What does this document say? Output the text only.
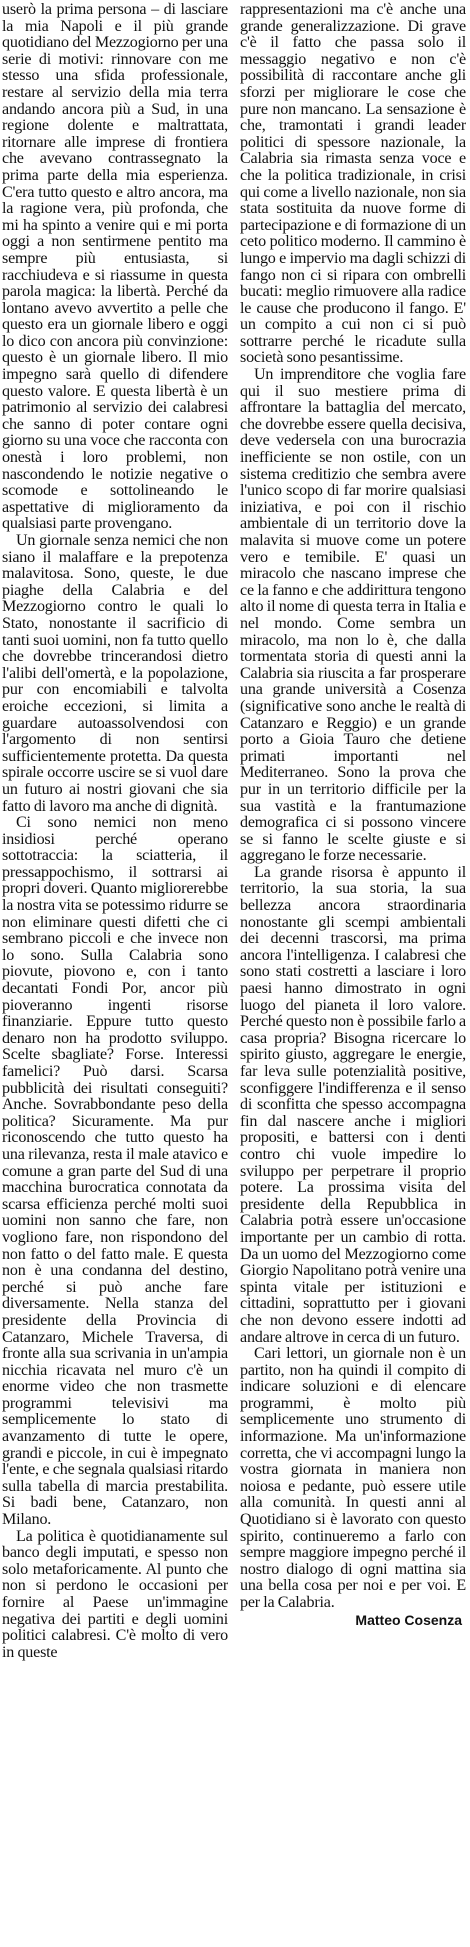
userò la prima persona – di lasciare la mia Napoli e il più grande quotidiano del Mezzogiorno per una serie di motivi: rinnovare con me stesso una sfida professionale, restare al servizio della mia terra andando ancora più a Sud, in una regione dolente e maltrattata, ritornare alle imprese di frontiera che avevano contrassegnato la prima parte della mia esperienza. C'era tutto questo e altro ancora, ma la ragione vera, più profonda, che mi ha spinto a venire qui e mi porta oggi a non sentirmene pentito ma sempre più entusiasta, si racchiudeva e si riassume in questa parola magica: la libertà. Perché da lontano avevo avvertito a pelle che questo era un giornale libero e oggi lo dico con ancora più convinzione: questo è un giornale libero. Il mio impegno sarà quello di difendere questo valore. E questa libertà è un patrimonio al servizio dei calabresi che sanno di poter contare ogni giorno su una voce che racconta con onestà i loro problemi, non nascondendo le notizie negative o scomode e sottolineando le aspettative di miglioramento da qualsiasi parte provengano.

Un giornale senza nemici che non siano il malaffare e la prepotenza malavitosa. Sono, queste, le due piaghe della Calabria e del Mezzogiorno contro le quali lo Stato, nonostante il sacrificio di tanti suoi uomini, non fa tutto quello che dovrebbe trincerandosi dietro l'alibi dell'omertà, e la popolazione, pur con encomiabili e talvolta eroiche eccezioni, si limita a guardare autoassolvendosi con l'argomento di non sentirsi sufficientemente protetta. Da questa spirale occorre uscire se si vuol dare un futuro ai nostri giovani che sia fatto di lavoro ma anche di dignità.

Ci sono nemici non meno insidiosi perché operano sottotraccia: la sciatteria, il pressappochismo, il sottrarsi ai propri doveri. Quanto migliorerebbe la nostra vita se potessimo ridurre se non eliminare questi difetti che ci sembrano piccoli e che invece non lo sono. Sulla Calabria sono piovute, piovono e, con i tanto decantati Fondi Por, ancor più pioveranno ingenti risorse finanziarie. Eppure tutto questo denaro non ha prodotto sviluppo. Scelte sbagliate? Forse. Interessi famelici? Può darsi. Scarsa pubblicità dei risultati conseguiti? Anche. Sovrabbondante peso della politica? Sicuramente. Ma pur riconoscendo che tutto questo ha una rilevanza, resta il male atavico e comune a gran parte del Sud di una macchina burocratica connotata da scarsa efficienza perché molti suoi uomini non sanno che fare, non vogliono fare, non rispondono del non fatto o del fatto male. E questa non è una condanna del destino, perché si può anche fare diversamente. Nella stanza del presidente della Provincia di Catanzaro, Michele Traversa, di fronte alla sua scrivania in un'ampia nicchia ricavata nel muro c'è un enorme video che non trasmette programmi televisivi ma semplicemente lo stato di avanzamento di tutte le opere, grandi e piccole, in cui è impegnato l'ente, e che segnala qualsiasi ritardo sulla tabella di marcia prestabilita. Si badi bene, Catanzaro, non Milano.

La politica è quotidianamente sul banco degli imputati, e spesso non solo metaforicamente. Al punto che non si perdono le occasioni per fornire al Paese un'immagine negativa dei partiti e degli uomini politici calabresi. C'è molto di vero in queste

rappresentazioni ma c'è anche una grande generalizzazione. Di grave c'è il fatto che passa solo il messaggio negativo e non c'è possibilità di raccontare anche gli sforzi per migliorare le cose che pure non mancano. La sensazione è che, tramontati i grandi leader politici di spessore nazionale, la Calabria sia rimasta senza voce e che la politica tradizionale, in crisi qui come a livello nazionale, non sia stata sostituita da nuove forme di partecipazione e di formazione di un ceto politico moderno. Il cammino è lungo e impervio ma dagli schizzi di fango non ci si ripara con ombrelli bucati: meglio rimuovere alla radice le cause che producono il fango. E' un compito a cui non ci si può sottrarre perché le ricadute sulla società sono pesantissime.

Un imprenditore che voglia fare qui il suo mestiere prima di affrontare la battaglia del mercato, che dovrebbe essere quella decisiva, deve vedersela con una burocrazia inefficiente se non ostile, con un sistema creditizio che sembra avere l'unico scopo di far morire qualsiasi iniziativa, e poi con il rischio ambientale di un territorio dove la malavita si muove come un potere vero e temibile. E' quasi un miracolo che nascano imprese che ce la fanno e che addirittura tengono alto il nome di questa terra in Italia e nel mondo. Come sembra un miracolo, ma non lo è, che dalla tormentata storia di questi anni la Calabria sia riuscita a far prosperare una grande università a Cosenza (significative sono anche le realtà di Catanzaro e Reggio) e un grande porto a Gioia Tauro che detiene primati importanti nel Mediterraneo. Sono la prova che pur in un territorio difficile per la sua vastità e la frantumazione demografica ci si possono vincere se si fanno le scelte giuste e si aggregano le forze necessarie.

La grande risorsa è appunto il territorio, la sua storia, la sua bellezza ancora straordinaria nonostante gli scempi ambientali dei decenni trascorsi, ma prima ancora l'intelligenza. I calabresi che sono stati costretti a lasciare i loro paesi hanno dimostrato in ogni luogo del pianeta il loro valore. Perché questo non è possibile farlo a casa propria? Bisogna ricercare lo spirito giusto, aggregare le energie, far leva sulle potenzialità positive, sconfiggere l'indifferenza e il senso di sconfitta che spesso accompagna fin dal nascere anche i migliori propositi, e battersi con i denti contro chi vuole impedire lo sviluppo per perpetrare il proprio potere. La prossima visita del presidente della Repubblica in Calabria potrà essere un'occasione importante per un cambio di rotta. Da un uomo del Mezzogiorno come Giorgio Napolitano potrà venire una spinta vitale per istituzioni e cittadini, soprattutto per i giovani che non devono essere indotti ad andare altrove in cerca di un futuro.

Cari lettori, un giornale non è un partito, non ha quindi il compito di indicare soluzioni e di elencare programmi, è molto più semplicemente uno strumento di informazione. Ma un'informazione corretta, che vi accompagni lungo la vostra giornata in maniera non noiosa e pedante, può essere utile alla comunità. In questi anni al Quotidiano si è lavorato con questo spirito, continueremo a farlo con sempre maggiore impegno perché il nostro dialogo di ogni mattina sia una bella cosa per noi e per voi. E per la Calabria.

Matteo Cosenza
